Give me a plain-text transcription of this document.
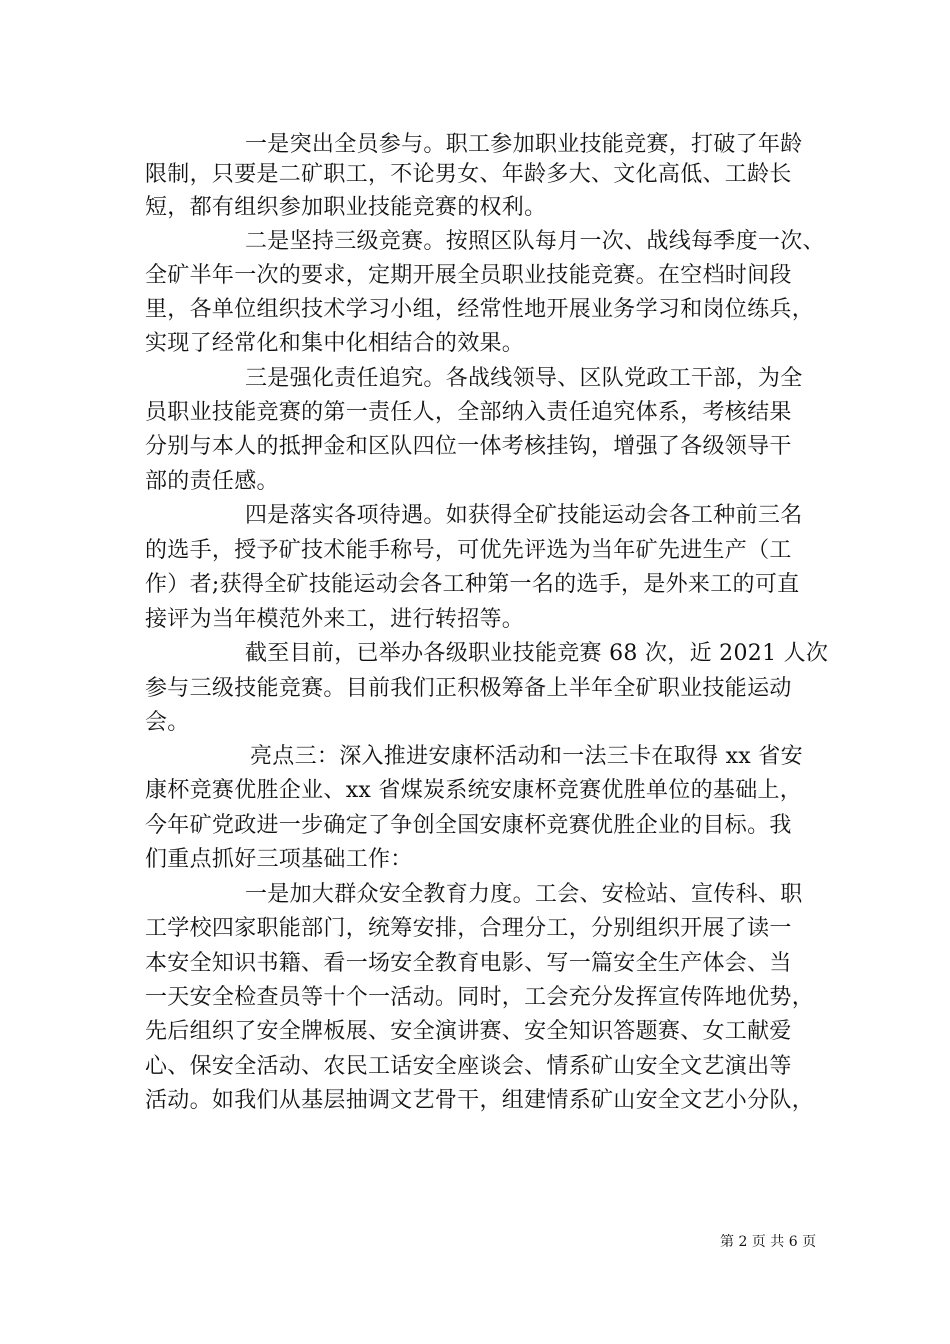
一是突出全员参与。职工参加职业技能竞赛，打破了年龄
限制，只要是二矿职工，不论男女、年龄多大、文化高低、工龄长
短，都有组织参加职业技能竞赛的权利。
二是坚持三级竞赛。按照区队每月一次、战线每季度一次、
全矿半年一次的要求，定期开展全员职业技能竞赛。在空档时间段
里，各单位组织技术学习小组，经常性地开展业务学习和岗位练兵，
实现了经常化和集中化相结合的效果。
三是强化责任追究。各战线领导、区队党政工干部，为全
员职业技能竞赛的第一责任人，全部纳入责任追究体系，考核结果
分别与本人的抵押金和区队四位一体考核挂钩，增强了各级领导干
部的责任感。
四是落实各项待遇。如获得全矿技能运动会各工种前三名
的选手，授予矿技术能手称号，可优先评选为当年矿先进生产（工
作）者;获得全矿技能运动会各工种第一名的选手，是外来工的可直
接评为当年模范外来工，进行转招等。
截至目前，已举办各级职业技能竞赛 68 次，近 2021 人次
参与三级技能竞赛。目前我们正积极筹备上半年全矿职业技能运动
会。
亮点三：深入推进安康杯活动和一法三卡在取得 xx 省安
康杯竞赛优胜企业、xx 省煤炭系统安康杯竞赛优胜单位的基础上，
今年矿党政进一步确定了争创全国安康杯竞赛优胜企业的目标。我
们重点抓好三项基础工作：
一是加大群众安全教育力度。工会、安检站、宣传科、职
工学校四家职能部门，统筹安排，合理分工，分别组织开展了读一
本安全知识书籍、看一场安全教育电影、写一篇安全生产体会、当
一天安全检查员等十个一活动。同时，工会充分发挥宣传阵地优势，
先后组织了安全牌板展、安全演讲赛、安全知识答题赛、女工献爱
心、保安全活动、农民工话安全座谈会、情系矿山安全文艺演出等
活动。如我们从基层抽调文艺骨干，组建情系矿山安全文艺小分队，
第 2 页 共 6 页
